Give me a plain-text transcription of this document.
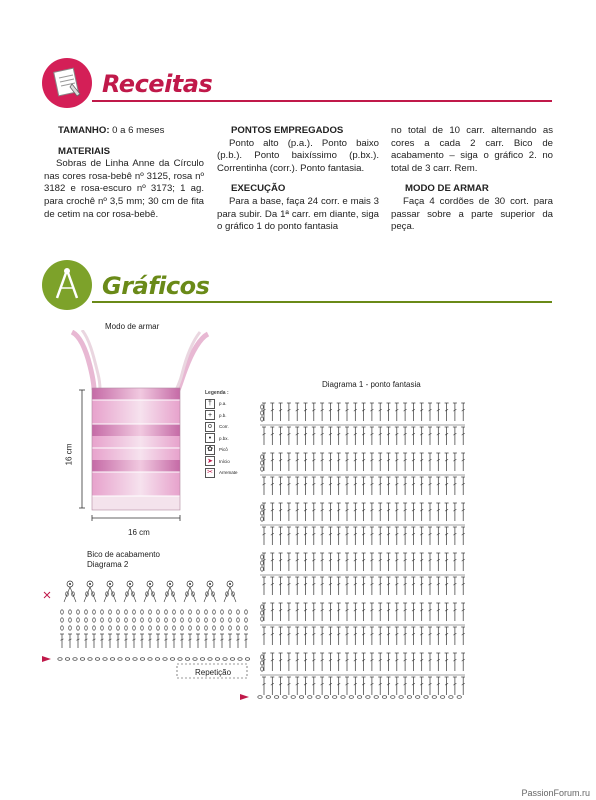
Receitas

TAMANHO: 0 a 6 meses

MATERIAIS

Sobras de Linha Anne da Círculo nas cores rosa-bebê nº 3125, rosa nº 3182 e rosa-escuro nº 3173; 1 ag. para crochê nº 3,5 mm; 30 cm de fita de cetim na cor rosa-bebê.

PONTOS EMPREGADOS

Ponto alto (p.a.). Ponto baixo (p.b.). Ponto baixíssimo (p.bx.). Correntinha (corr.). Ponto fantasia.

EXECUÇÃO

Para a base, faça 24 corr. e mais 3 para subir. Da 1ª carr. em diante, siga o gráfico 1 do ponto fantasia

no total de 10 carr. alternando as cores a cada 2 carr. Bico de acabamento – siga o gráfico 2. no total de 3 carr. Rem.

MODO DE ARMAR

Faça 4 cordões de 30 cort. para passar sobre a parte superior da peça.

Gráficos
Modo de armar
16 cm
16 cm
Legenda :
†	p.a.
+	p.b.
o	Corr.
•	p.bx.
✿	Picô
➤	Início
✂	Arremate
Diagrama 1 - ponto fantasia
Bico de acabamento
Diagrama 2
Repetição
PassionForum.ru
